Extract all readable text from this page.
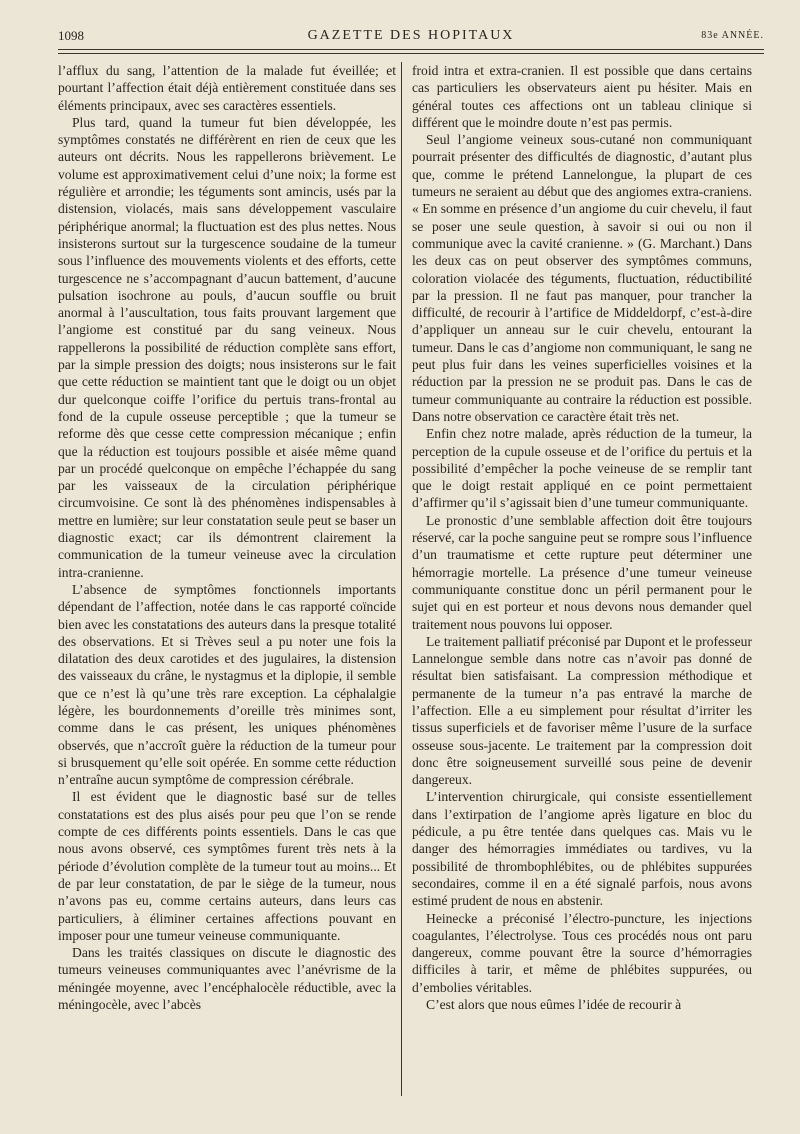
1098	GAZETTE DES HOPITAUX	83e ANNÉE.

l’afflux du sang, l’attention de la malade fut éveillée; et pourtant l’affection était déjà entièrement constituée dans ses éléments principaux, avec ses caractères essentiels.

Plus tard, quand la tumeur fut bien développée, les symptômes constatés ne différèrent en rien de ceux que les auteurs ont décrits. Nous les rappellerons brièvement. Le volume est approximativement celui d’une noix; la forme est régulière et arrondie; les téguments sont amincis, usés par la distension, violacés, mais sans développement vasculaire périphérique anormal; la fluctuation est des plus nettes. Nous insisterons surtout sur la turgescence soudaine de la tumeur sous l’influence des mouvements violents et des efforts, cette turgescence ne s’accompagnant d’aucun battement, d’aucune pulsation isochrone au pouls, d’aucun souffle ou bruit anormal à l’auscultation, tous faits prouvant largement que l’angiome est constitué par du sang veineux. Nous rappellerons la possibilité de réduction complète sans effort, par la simple pression des doigts; nous insisterons sur le fait que cette réduction se maintient tant que le doigt ou un objet dur quelconque coiffe l’orifice du pertuis trans-frontal au fond de la cupule osseuse perceptible ; que la tumeur se reforme dès que cesse cette compression mécanique ; enfin que la réduction est toujours possible et aisée même quand par un procédé quelconque on empêche l’échappée du sang par les vaisseaux de la circulation périphérique circumvoisine. Ce sont là des phénomènes indispensables à mettre en lumière; sur leur constatation seule peut se baser un diagnostic exact; car ils démontrent clairement la communication de la tumeur veineuse avec la circulation intra-cranienne.

L’absence de symptômes fonctionnels importants dépendant de l’affection, notée dans le cas rapporté coïncide bien avec les constatations des auteurs dans la presque totalité des observations. Et si Trèves seul a pu noter une fois la dilatation des deux carotides et des jugulaires, la distension des vaisseaux du crâne, le nystagmus et la diplopie, il semble que ce n’est là qu’une très rare exception. La céphalalgie légère, les bourdonnements d’oreille très minimes sont, comme dans le cas présent, les uniques phénomènes observés, que n’accroît guère la réduction de la tumeur pour si brusquement qu’elle soit opérée. En somme cette réduction n’entraîne aucun symptôme de compression cérébrale.

Il est évident que le diagnostic basé sur de telles constatations est des plus aisés pour peu que l’on se rende compte de ces différents points essentiels. Dans le cas que nous avons observé, ces symptômes furent très nets à la période d’évolution complète de la tumeur tout au moins... Et de par leur constatation, de par le siège de la tumeur, nous n’avons pas eu, comme certains auteurs, dans leurs cas particuliers, à éliminer certaines affections pouvant en imposer pour une tumeur veineuse communiquante.

Dans les traités classiques on discute le diagnostic des tumeurs veineuses communiquantes avec l’anévrisme de la méningée moyenne, avec l’encéphalocèle réductible, avec la méningocèle, avec l’abcès

froid intra et extra-cranien. Il est possible que dans certains cas particuliers les observateurs aient pu hésiter. Mais en général toutes ces affections ont un tableau clinique si différent que le moindre doute n’est pas permis.

Seul l’angiome veineux sous-cutané non communiquant pourrait présenter des difficultés de diagnostic, d’autant plus que, comme le prétend Lannelongue, la plupart de ces tumeurs ne seraient au début que des angiomes extra-craniens. « En somme en présence d’un angiome du cuir chevelu, il faut se poser une seule question, à savoir si oui ou non il communique avec la cavité cranienne. » (G. Marchant.) Dans les deux cas on peut observer des symptômes communs, coloration violacée des téguments, fluctuation, réductibilité par la pression. Il ne faut pas manquer, pour trancher la difficulté, de recourir à l’artifice de Middeldorpf, c’est-à-dire d’appliquer un anneau sur le cuir chevelu, entourant la tumeur. Dans le cas d’angiome non communiquant, le sang ne peut plus fuir dans les veines superficielles voisines et la réduction par la pression ne se produit pas. Dans le cas de tumeur communiquante au contraire la réduction est possible. Dans notre observation ce caractère était très net.

Enfin chez notre malade, après réduction de la tumeur, la perception de la cupule osseuse et de l’orifice du pertuis et la possibilité d’empêcher la poche veineuse de se remplir tant que le doigt restait appliqué en ce point permettaient d’affirmer qu’il s’agissait bien d’une tumeur communiquante.

Le pronostic d’une semblable affection doit être toujours réservé, car la poche sanguine peut se rompre sous l’influence d’un traumatisme et cette rupture peut déterminer une hémorragie mortelle. La présence d’une tumeur veineuse communiquante constitue donc un péril permanent pour le sujet qui en est porteur et nous devons nous demander quel traitement nous pouvons lui opposer.

Le traitement palliatif préconisé par Dupont et le professeur Lannelongue semble dans notre cas n’avoir pas donné de résultat bien satisfaisant. La compression méthodique et permanente de la tumeur n’a pas entravé la marche de l’affection. Elle a eu simplement pour résultat d’irriter les tissus superficiels et de favoriser même l’usure de la surface osseuse sous-jacente. Le traitement par la compression doit donc être soigneusement surveillé sous peine de devenir dangereux.

L’intervention chirurgicale, qui consiste essentiellement dans l’extirpation de l’angiome après ligature en bloc du pédicule, a pu être tentée dans quelques cas. Mais vu le danger des hémorragies immédiates ou tardives, vu la possibilité de thrombophlébites, ou de phlébites suppurées secondaires, comme il en a été signalé parfois, nous avons estimé prudent de nous en abstenir.

Heinecke a préconisé l’électro-puncture, les injections coagulantes, l’électrolyse. Tous ces procédés nous ont paru dangereux, comme pouvant être la source d’hémorragies difficiles à tarir, et même de phlébites suppurées, ou d’embolies véritables.

C’est alors que nous eûmes l’idée de recourir à
